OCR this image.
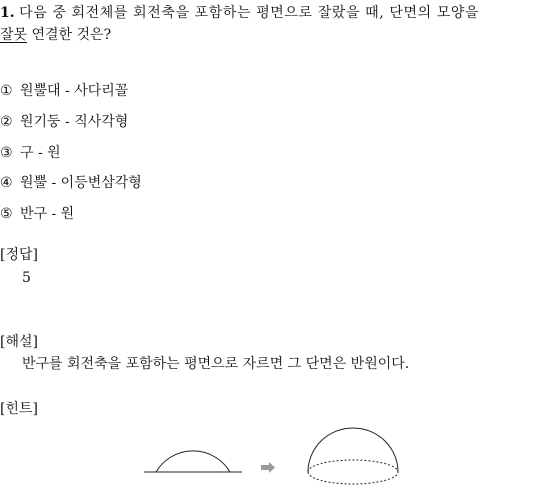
1. 다음 중 회전체를 회전축을 포함하는 평면으로 잘랐을 때, 단면의 모양을
잘못 연결한 것은?
① 원뿔대 - 사다리꼴
② 원기둥 - 직사각형
③ 구 - 원
④ 원뿔 - 이등변삼각형
⑤ 반구 - 원
[정답]
5
[해설]
반구를 회전축을 포함하는 평면으로 자르면 그 단면은 반원이다.
[힌트]
